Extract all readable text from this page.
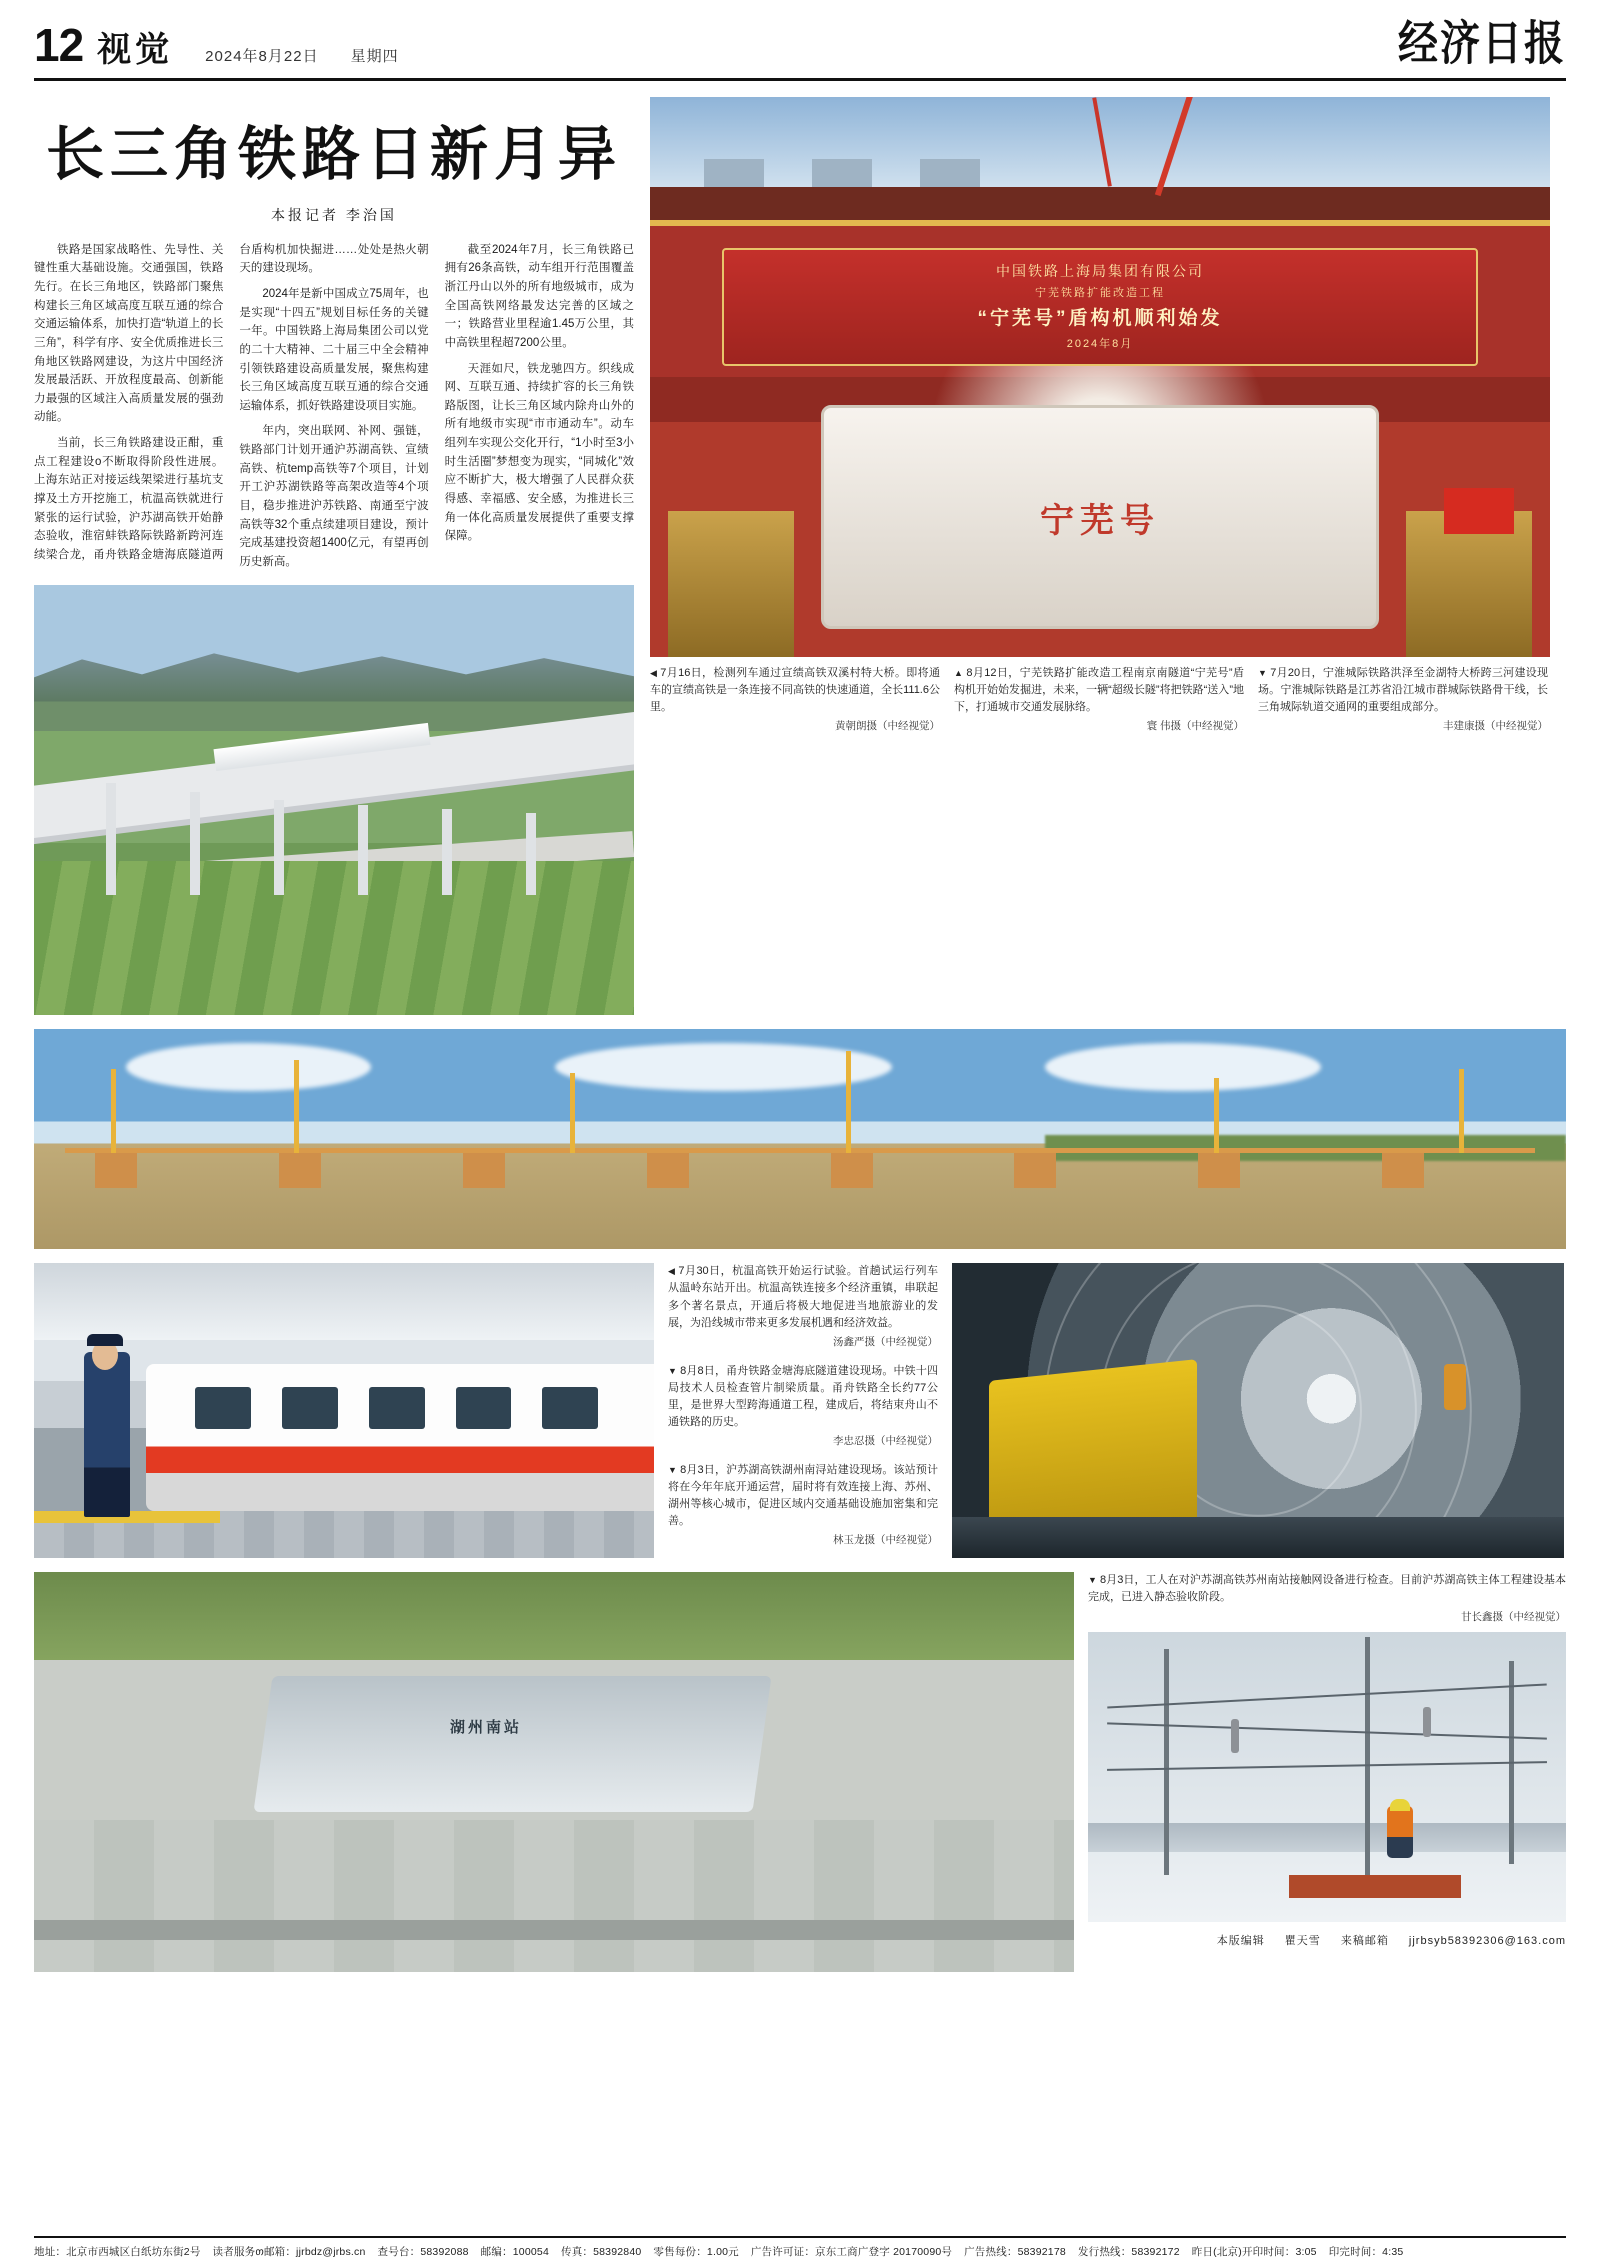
12 视觉 2024年8月22日 星期四	经济日报
长三角铁路日新月异
本报记者 李治国

铁路是国家战略性、先导性、关键性重大基础设施。交通强国，铁路先行。在长三角地区，铁路部门聚焦构建长三角区域高度互联互通的综合交通运输体系，加快打造“轨道上的长三角”，科学有序、安全优质推进长三角地区铁路网建设，为这片中国经济发展最活跃、开放程度最高、创新能力最强的区域注入高质量发展的强劲动能。

当前，长三角铁路建设正酣，重点工程建设о不断取得阶段性进展。上海东站正对接运线架梁进行基坑支撑及土方开挖施工，杭温高铁就进行紧张的运行试验，沪苏湖高铁开始静态验收，淮宿蚌铁路际铁路新跨河连续梁合龙，甬舟铁路金塘海底隧道两台盾构机加快掘进……处处是热火朝天的建设现场。

2024年是新中国成立75周年，也是实现“十四五”规划目标任务的关键一年。中国铁路上海局集团公司以党的二十大精神、二十届三中全会精神引领铁路建设高质量发展，聚焦构建长三角区域高度互联互通的综合交通运输体系，抓好铁路建设项目实施。

年内，突出联网、补网、强链，铁路部门计划开通沪苏湖高铁、宣绩高铁、杭temp高铁等7个项目，计划开工沪苏湖铁路等高架改造等4个项目，稳步推进沪苏铁路、南通至宁波高铁等32个重点续建项目建设，预计完成基建投资超1400亿元，有望再创历史新高。

截至2024年7月，长三角铁路已拥有26条高铁，动车组开行范围覆盖浙江丹山以外的所有地级城市，成为全国高铁网络最发达完善的区域之一；铁路营业里程逾1.45万公里，其中高铁里程超7200公里。

天涯如尺，铁龙驰四方。织线成网、互联互通、持续扩容的长三角铁路版图，让长三角区域内除舟山外的所有地级市实现“市市通动车”。动车组列车实现公交化开行，“1小时至3小时生活圈”梦想变为现实，“同城化”效应不断扩大，极大增强了人民群众获得感、幸福感、安全感，为推进长三角一体化高质量发展提供了重要支撑保障。

中国铁路上海局集团有限公司
宁芜铁路扩能改造工程
“宁芜号”盾构机顺利始发
2024年8月
宁芜号
◀ 7月16日，检测列车通过宣绩高铁双溪村特大桥。即将通车的宣绩高铁是一条连接不同高铁的快速通道，全长111.6公里。
黄朝朗摄（中经视觉）
▲ 8月12日，宁芜铁路扩能改造工程南京南隧道“宁芜号”盾构机开始始发掘进，未来，一辆“超级长隧”将把铁路“送入”地下，打通城市交通发展脉络。
寰 伟摄（中经视觉）
▼ 7月20日，宁淮城际铁路洪泽至金湖特大桥跨三河建设现场。宁淮城际铁路是江苏省沿江城市群城际铁路骨干线，长三角城际轨道交通网的重要组成部分。
丰建康摄（中经视觉）
◀ 7月30日，杭温高铁开始运行试验。首趟试运行列车从温岭东站开出。杭温高铁连接多个经济重镇，串联起多个著名景点，开通后将极大地促进当地旅游业的发展，为沿线城市带来更多发展机遇和经济效益。
汤鑫严摄（中经视觉）
▼ 8月8日，甬舟铁路金塘海底隧道建设现场。中铁十四局技术人员检查管片制梁质量。甬舟铁路全长约77公里，是世界大型跨海通道工程，建成后，将结束舟山不通铁路的历史。
李忠忍摄（中经视觉）
▼ 8月3日，沪苏湖高铁湖州南浔站建设现场。该站预计将在今年年底开通运营，届时将有效连接上海、苏州、湖州等核心城市，促进区域内交通基础设施加密集和完善。
林玉龙摄（中经视觉）
湖州南站
▼ 8月3日，工人在对沪苏湖高铁苏州南站接触网设备进行检查。目前沪苏湖高铁主体工程建设基本完成，已进入静态验收阶段。
甘长鑫摄（中经视觉）
本版编辑 瞿天雪 来稿邮箱 jjrbsyb58392306@163.com
地址：北京市西城区白纸坊东街2号 读者服务თ邮箱：jjrbdz@jrbs.cn 查号台：58392088 邮编：100054 传真：58392840 零售每份：1.00元 广告许可证：京东工商广登字 20170090号 广告热线：58392178 发行热线：58392172 昨日(北京)开印时间：3:05 印完时间：4:35
